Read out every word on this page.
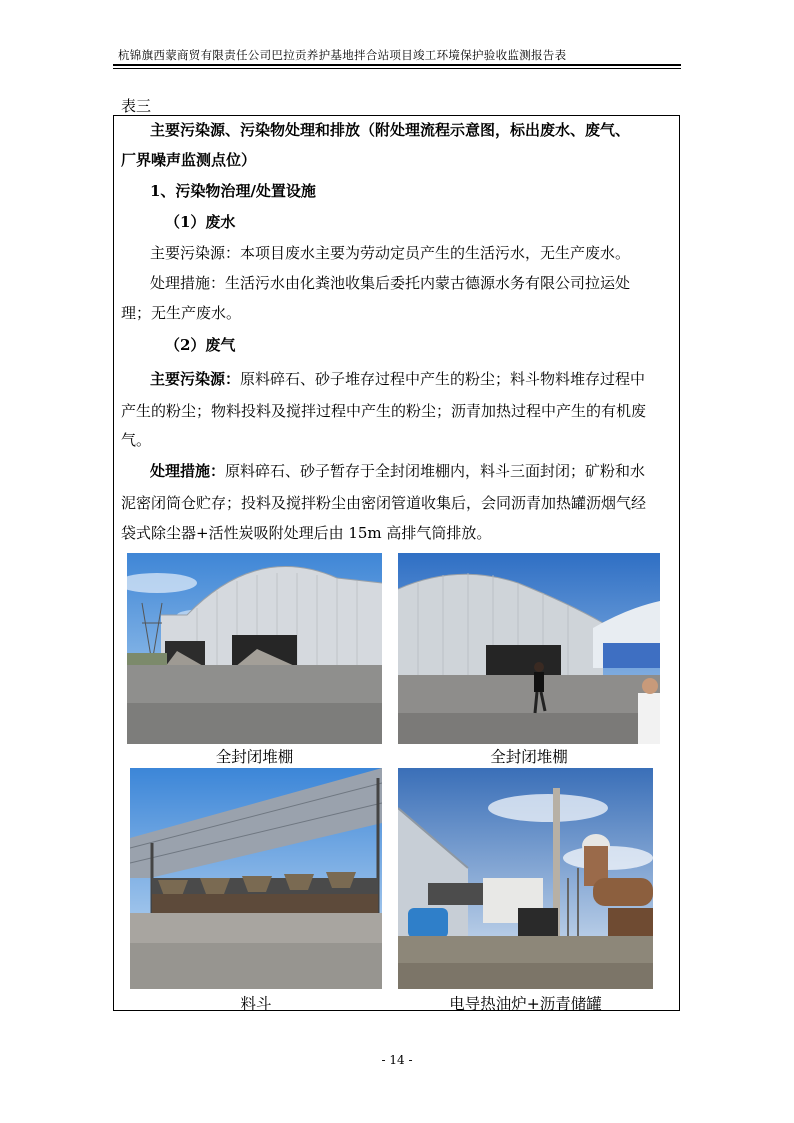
杭锦旗西蒙商贸有限责任公司巴拉贡养护基地拌合站项目竣工环境保护验收监测报告表
表三
主要污染源、污染物处理和排放（附处理流程示意图，标出废水、废气、
厂界噪声监测点位）
1、污染物治理/处置设施
（1）废水
主要污染源：本项目废水主要为劳动定员产生的生活污水，无生产废水。
处理措施：生活污水由化粪池收集后委托内蒙古德源水务有限公司拉运处
理；无生产废水。
（2）废气
主要污染源：原料碎石、砂子堆存过程中产生的粉尘；料斗物料堆存过程中
产生的粉尘；物料投料及搅拌过程中产生的粉尘；沥青加热过程中产生的有机废
气。
处理措施：原料碎石、砂子暂存于全封闭堆棚内，料斗三面封闭；矿粉和水
泥密闭筒仓贮存；投料及搅拌粉尘由密闭管道收集后，会同沥青加热罐沥烟气经
袋式除尘器+活性炭吸附处理后由 15m 高排气筒排放。
全封闭堆棚	全封闭堆棚
料斗	电导热油炉+沥青储罐
- 14 -
